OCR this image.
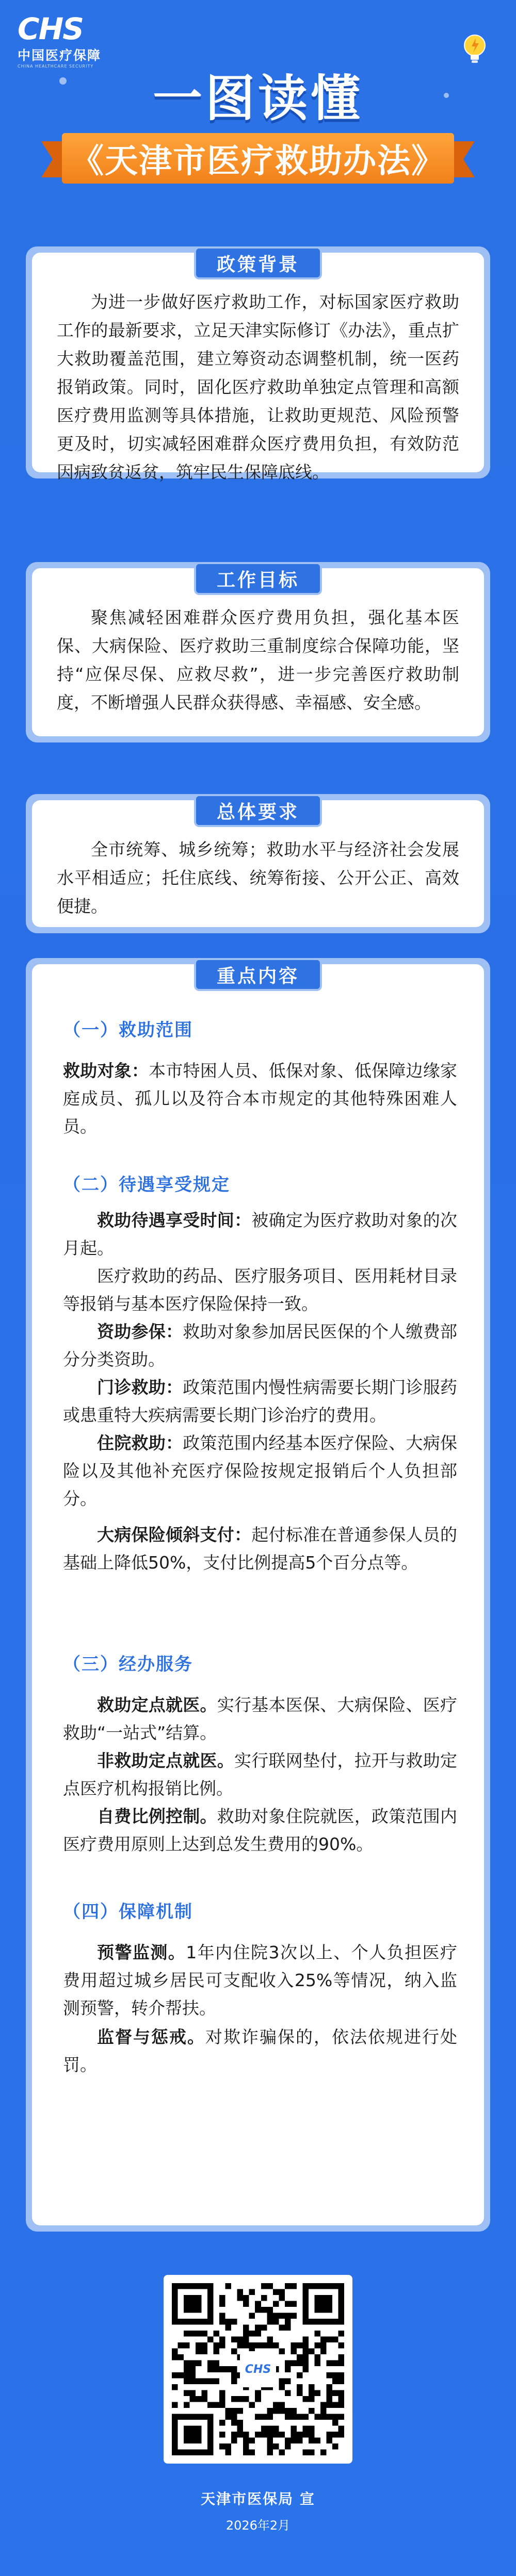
CHS
中国医疗保障
CHINA HEALTHCARE SECURITY
一图读懂
《天津市医疗救助办法》
政策背景

为进一步做好医疗救助工作，对标国家医疗救助工作的最新要求，立足天津实际修订《办法》，重点扩大救助覆盖范围，建立筹资动态调整机制，统一医药报销政策。同时，固化医疗救助单独定点管理和高额医疗费用监测等具体措施，让救助更规范、风险预警更及时，切实减轻困难群众医疗费用负担，有效防范因病致贫返贫，筑牢民生保障底线。

工作目标

聚焦减轻困难群众医疗费用负担，强化基本医保、大病保险、医疗救助三重制度综合保障功能，坚持“应保尽保、应救尽救”，进一步完善医疗救助制度，不断增强人民群众获得感、幸福感、安全感。

总体要求

全市统筹、城乡统筹；救助水平与经济社会发展水平相适应；托住底线、统筹衔接、公开公正、高效便捷。

重点内容
（一）救助范围

救助对象：本市特困人员、低保对象、低保障边缘家庭成员、孤儿以及符合本市规定的其他特殊困难人员。

（二）待遇享受规定

救助待遇享受时间：被确定为医疗救助对象的次月起。

医疗救助的药品、医疗服务项目、医用耗材目录等报销与基本医疗保险保持一致。

资助参保：救助对象参加居民医保的个人缴费部分分类资助。

门诊救助：政策范围内慢性病需要长期门诊服药或患重特大疾病需要长期门诊治疗的费用。

住院救助：政策范围内经基本医疗保险、大病保险以及其他补充医疗保险按规定报销后个人负担部分。

大病保险倾斜支付：起付标准在普通参保人员的基础上降低50%，支付比例提高5个百分点等。

（三）经办服务

救助定点就医。实行基本医保、大病保险、医疗救助“一站式”结算。

非救助定点就医。实行联网垫付，拉开与救助定点医疗机构报销比例。

自费比例控制。救助对象住院就医，政策范围内医疗费用原则上达到总发生费用的90%。

（四）保障机制

预警监测。1年内住院3次以上、个人负担医疗费用超过城乡居民可支配收入25%等情况，纳入监测预警，转介帮扶。

监督与惩戒。对欺诈骗保的，依法依规进行处罚。

CHS
天津市医保局 宣
2026年2月
